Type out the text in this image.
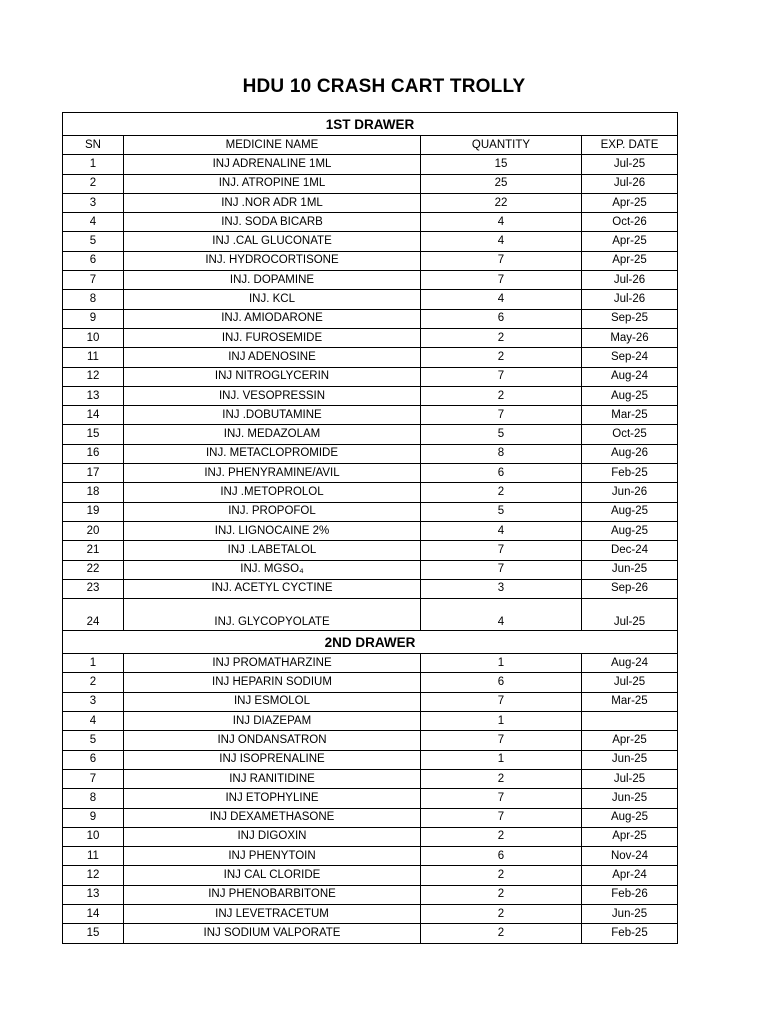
HDU 10 CRASH CART TROLLY
1ST DRAWER			
SN	MEDICINE NAME	QUANTITY	EXP. DATE
1	INJ ADRENALINE 1ML	15	Jul-25
2	INJ. ATROPINE 1ML	25	Jul-26
3	INJ .NOR ADR 1ML	22	Apr-25
4	INJ. SODA BICARB	4	Oct-26
5	INJ .CAL GLUCONATE	4	Apr-25
6	INJ. HYDROCORTISONE	7	Apr-25
7	INJ. DOPAMINE	7	Jul-26
8	INJ. KCL	4	Jul-26
9	INJ. AMIODARONE	6	Sep-25
10	INJ. FUROSEMIDE	2	May-26
11	INJ ADENOSINE	2	Sep-24
12	INJ NITROGLYCERIN	7	Aug-24
13	INJ. VESOPRESSIN	2	Aug-25
14	INJ .DOBUTAMINE	7	Mar-25
15	INJ. MEDAZOLAM	5	Oct-25
16	INJ. METACLOPROMIDE	8	Aug-26
17	INJ. PHENYRAMINE/AVIL	6	Feb-25
18	INJ .METOPROLOL	2	Jun-26
19	INJ. PROPOFOL	5	Aug-25
20	INJ. LIGNOCAINE 2%	4	Aug-25
21	INJ .LABETALOL	7	Dec-24
22	INJ. MGSO₄	7	Jun-25
23	INJ. ACETYL CYCTINE	3	Sep-26
24	INJ. GLYCOPYOLATE	4	Jul-25
2ND DRAWER			
1	INJ PROMATHARZINE	1	Aug-24
2	INJ HEPARIN SODIUM	6	Jul-25
3	INJ ESMOLOL	7	Mar-25
4	INJ DIAZEPAM	1	
5	INJ ONDANSATRON	7	Apr-25
6	INJ ISOPRENALINE	1	Jun-25
7	INJ RANITIDINE	2	Jul-25
8	INJ ETOPHYLINE	7	Jun-25
9	INJ DEXAMETHASONE	7	Aug-25
10	INJ DIGOXIN	2	Apr-25
11	INJ PHENYTOIN	6	Nov-24
12	INJ CAL CLORIDE	2	Apr-24
13	INJ PHENOBARBITONE	2	Feb-26
14	INJ LEVETRACETUM	2	Jun-25
15	INJ SODIUM VALPORATE	2	Feb-25
